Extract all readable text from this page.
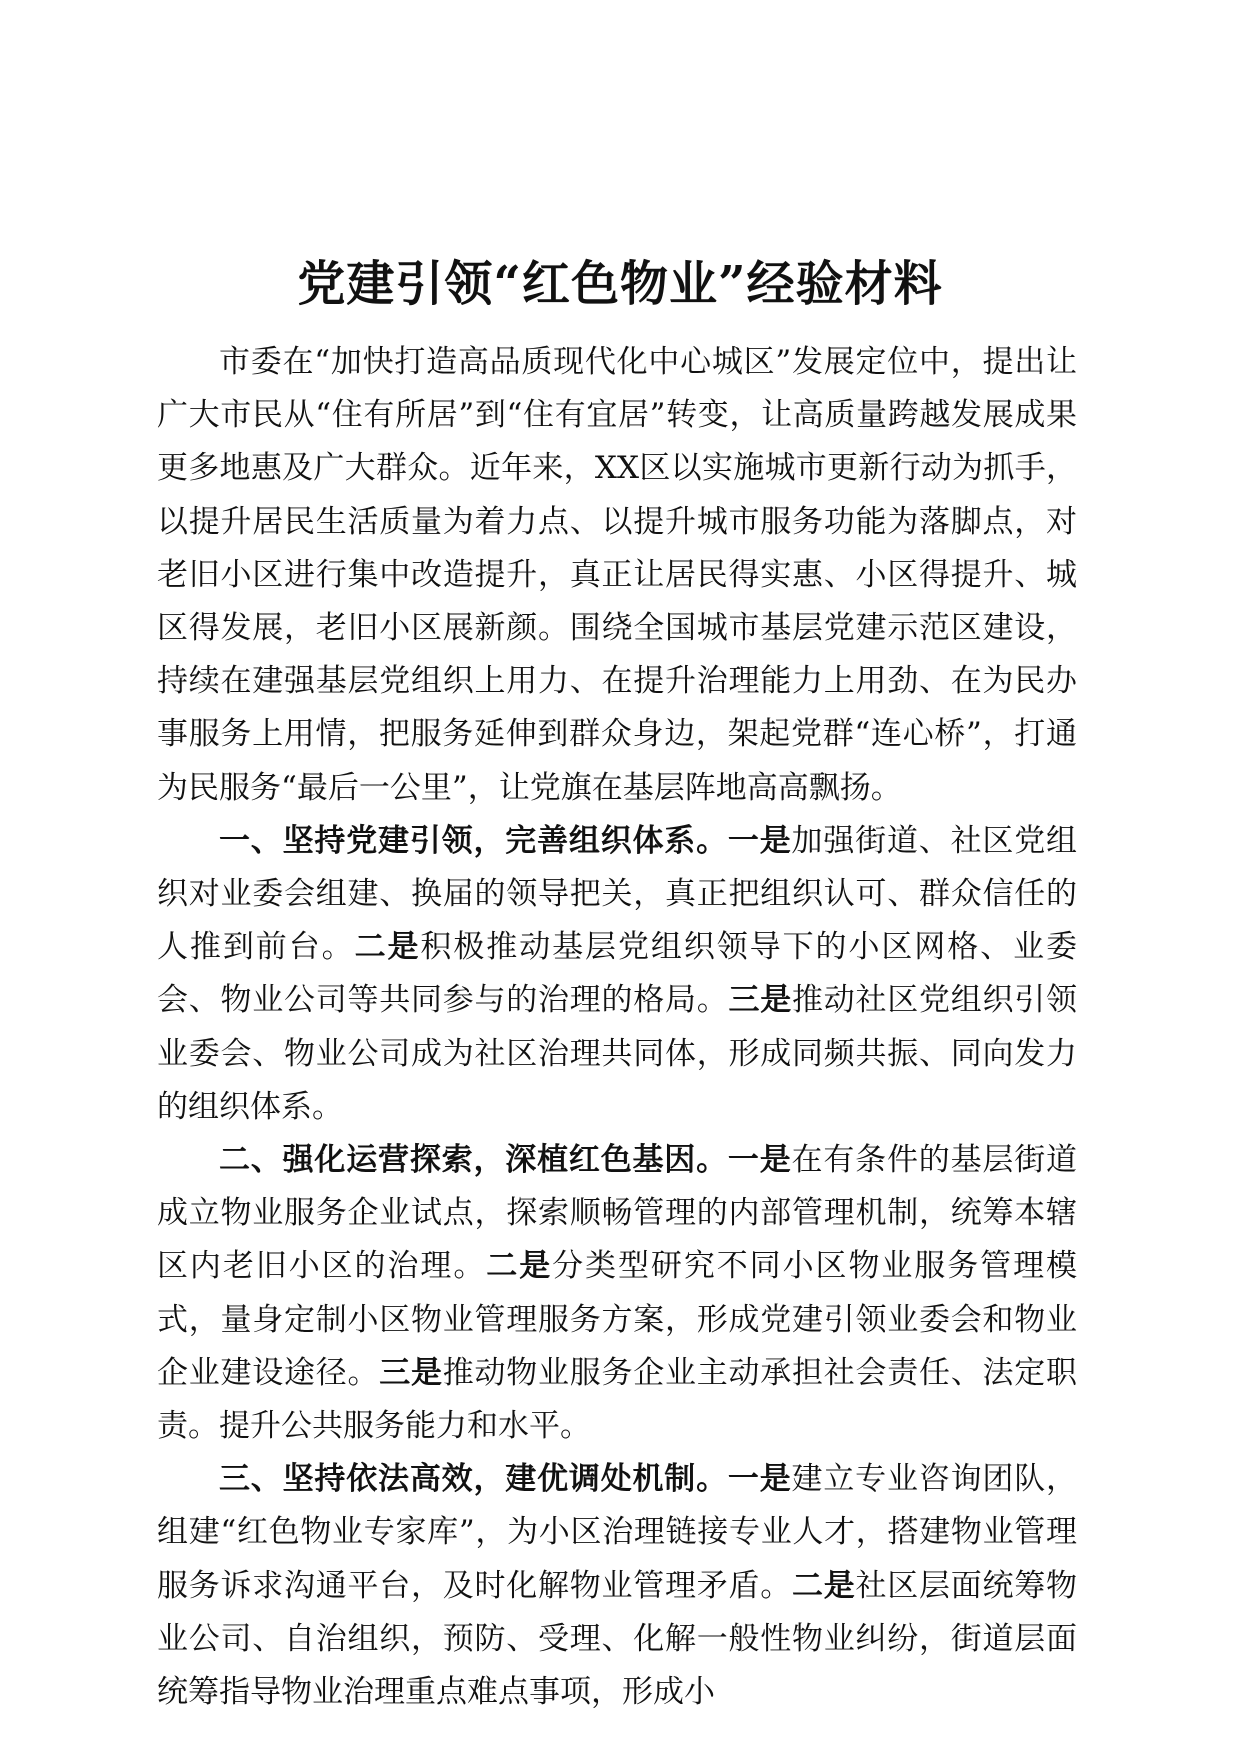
党建引领“红色物业”经验材料

市委在“加快打造高品质现代化中心城区”发展定位中，提出让广大市民从“住有所居”到“住有宜居”转变，让高质量跨越发展成果更多地惠及广大群众。近年来，XX区以实施城市更新行动为抓手，以提升居民生活质量为着力点、以提升城市服务功能为落脚点，对老旧小区进行集中改造提升，真正让居民得实惠、小区得提升、城区得发展，老旧小区展新颜。围绕全国城市基层党建示范区建设，持续在建强基层党组织上用力、在提升治理能力上用劲、在为民办事服务上用情，把服务延伸到群众身边，架起党群“连心桥”，打通为民服务“最后一公里”，让党旗在基层阵地高高飘扬。

一、坚持党建引领，完善组织体系。一是加强街道、社区党组织对业委会组建、换届的领导把关，真正把组织认可、群众信任的人推到前台。二是积极推动基层党组织领导下的小区网格、业委会、物业公司等共同参与的治理的格局。三是推动社区党组织引领业委会、物业公司成为社区治理共同体，形成同频共振、同向发力的组织体系。

二、强化运营探索，深植红色基因。一是在有条件的基层街道成立物业服务企业试点，探索顺畅管理的内部管理机制，统筹本辖区内老旧小区的治理。二是分类型研究不同小区物业服务管理模式，量身定制小区物业管理服务方案，形成党建引领业委会和物业企业建设途径。三是推动物业服务企业主动承担社会责任、法定职责。提升公共服务能力和水平。

三、坚持依法高效，建优调处机制。一是建立专业咨询团队，组建“红色物业专家库”，为小区治理链接专业人才，搭建物业管理服务诉求沟通平台，及时化解物业管理矛盾。二是社区层面统筹物业公司、自治组织，预防、受理、化解一般性物业纠纷，街道层面统筹指导物业治理重点难点事项，形成小
